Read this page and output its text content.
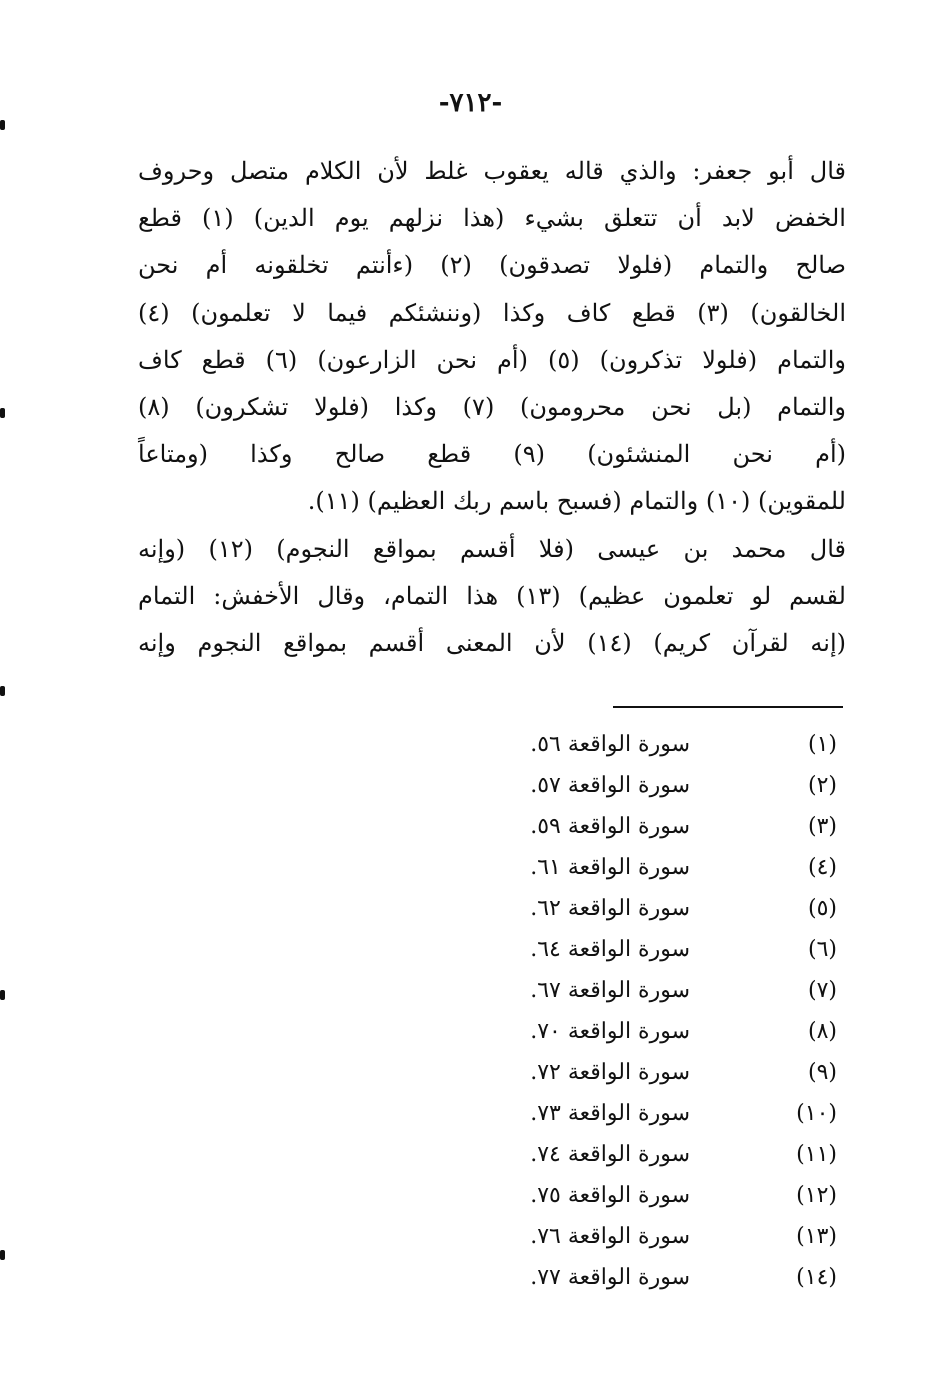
-٧١٢-
قال أبو جعفر: والذي قاله يعقوب غلط لأن الكلام متصل وحروف
الخفض لابد أن تتعلق بشيء (هذا نزلهم يوم الدين) (١) قطع
صالح والتمام (فلولا تصدقون) (٢) (ءأنتم تخلقونه أم نحن
الخالقون) (٣) قطع كاف وكذا (وننشئكم فيما لا تعلمون) (٤)
والتمام (فلولا تذكرون) (٥) (أم نحن الزارعون) (٦) قطع كاف
والتمام (بل نحن محرومون) (٧) وكذا (فلولا تشكرون) (٨)
(أم نحن المنشئون) (٩) قطع صالح وكذا (ومتاعاً
للمقوين) (١٠) والتمام (فسبح باسم ربك العظيم) (١١).
قال محمد بن عيسى (فلا أقسم بمواقع النجوم) (١٢) (وإنه
لقسم لو تعلمون عظيم) (١٣) هذا التمام، وقال الأخفش: التمام
(إنه لقرآن كريم) (١٤) لأن المعنى أقسم بمواقع النجوم وإنه
(١)
سورة الواقعة ٥٦.
(٢)
سورة الواقعة ٥٧.
(٣)
سورة الواقعة ٥٩.
(٤)
سورة الواقعة ٦١.
(٥)
سورة الواقعة ٦٢.
(٦)
سورة الواقعة ٦٤.
(٧)
سورة الواقعة ٦٧.
(٨)
سورة الواقعة ٧٠.
(٩)
سورة الواقعة ٧٢.
(١٠)
سورة الواقعة ٧٣.
(١١)
سورة الواقعة ٧٤.
(١٢)
سورة الواقعة ٧٥.
(١٣)
سورة الواقعة ٧٦.
(١٤)
سورة الواقعة ٧٧.
